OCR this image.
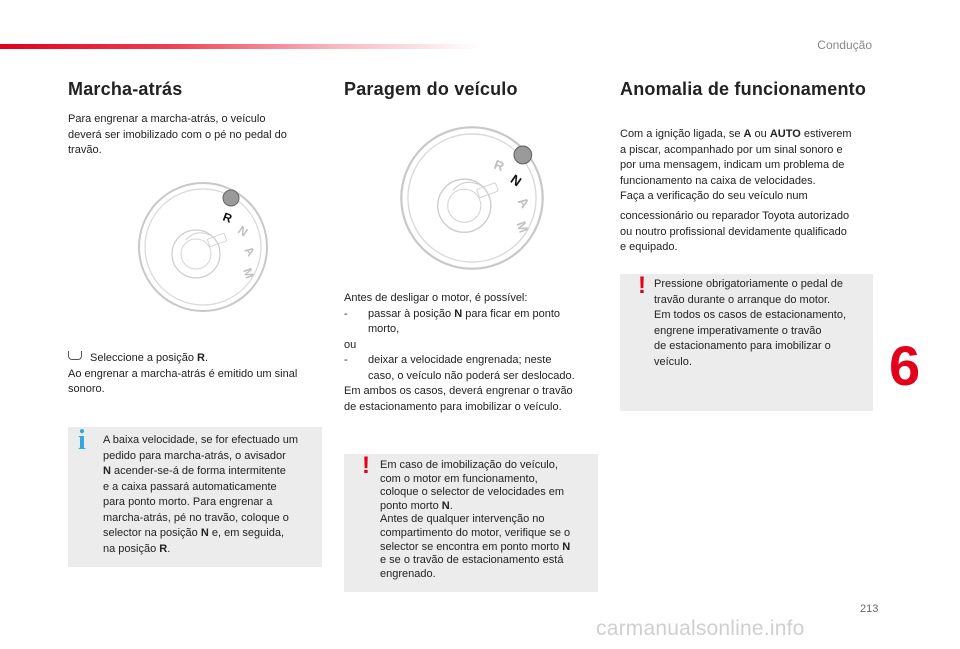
Condução
Marcha-atrás	Paragem do veículo	Anomalia de funcionamento

Para engrenar a marcha-atrás, o veículo

deverá ser imobilizado com o pé no pedal do

travão.

R
N
A
M

Seleccione a posição R.

Ao engrenar a marcha-atrás é emitido um sinal

sonoro.

i A baixa velocidade, se for efectuado um

pedido para marcha-atrás, o avisador

N acender-se-á de forma intermitente

e a caixa passará automaticamente

para ponto morto. Para engrenar a

marcha-atrás, pé no travão, coloque o

selector na posição N e, em seguida,

na posição R.

R
N
A
M

Antes de desligar o motor, é possível:

- passar à posição N para ficar em ponto

morto,

ou

- deixar a velocidade engrenada; neste

caso, o veículo não poderá ser deslocado.

Em ambos os casos, deverá engrenar o travão

de estacionamento para imobilizar o veículo.

! Em caso de imobilização do veículo,

com o motor em funcionamento,

coloque o selector de velocidades em

ponto morto N.

Antes de qualquer intervenção no

compartimento do motor, verifique se o

selector se encontra em ponto morto N

e se o travão de estacionamento está

engrenado.

Com a ignição ligada, se A ou AUTO estiverem

a piscar, acompanhado por um sinal sonoro e

por uma mensagem, indicam um problema de

funcionamento na caixa de velocidades.

Faça a verificação do seu veículo num

concessionário ou reparador Toyota autorizado

ou noutro profissional devidamente qualificado

e equipado.

! Pressione obrigatoriamente o pedal de

travão durante o arranque do motor.

Em todos os casos de estacionamento,

engrene imperativamente o travão

de estacionamento para imobilizar o

veículo.	6
213
carmanualsonline.info
